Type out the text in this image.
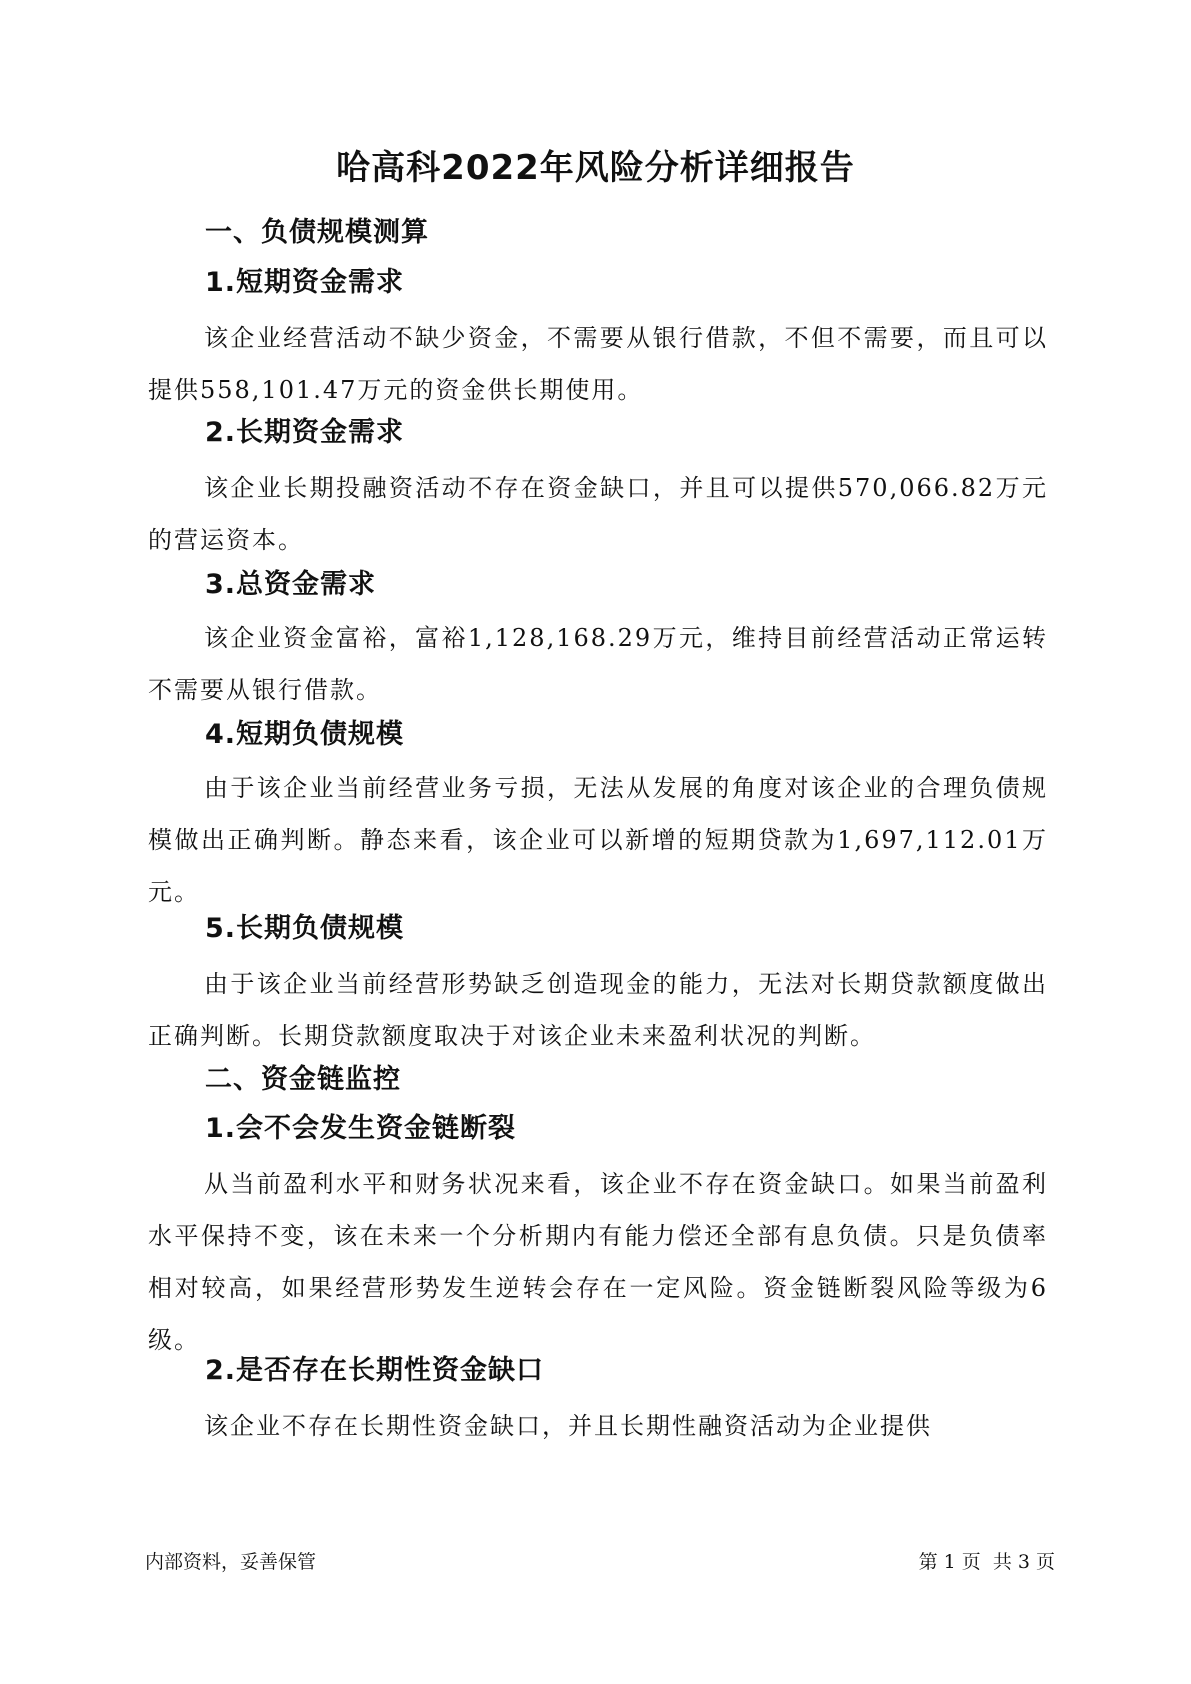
哈高科2022年风险分析详细报告
一、负债规模测算
1.短期资金需求

该企业经营活动不缺少资金，不需要从银行借款，不但不需要，而且可以提供558,101.47万元的资金供长期使用。

2.长期资金需求

该企业长期投融资活动不存在资金缺口，并且可以提供570,066.82万元的营运资本。

3.总资金需求

该企业资金富裕，富裕1,128,168.29万元，维持目前经营活动正常运转不需要从银行借款。

4.短期负债规模

由于该企业当前经营业务亏损，无法从发展的角度对该企业的合理负债规模做出正确判断。静态来看，该企业可以新增的短期贷款为1,697,112.01万元。

5.长期负债规模

由于该企业当前经营形势缺乏创造现金的能力，无法对长期贷款额度做出正确判断。长期贷款额度取决于对该企业未来盈利状况的判断。

二、资金链监控
1.会不会发生资金链断裂

从当前盈利水平和财务状况来看，该企业不存在资金缺口。如果当前盈利水平保持不变，该在未来一个分析期内有能力偿还全部有息负债。只是负债率相对较高，如果经营形势发生逆转会存在一定风险。资金链断裂风险等级为6级。

2.是否存在长期性资金缺口

该企业不存在长期性资金缺口，并且长期性融资活动为企业提供

内部资料，妥善保管	第 1 页  共 3 页
